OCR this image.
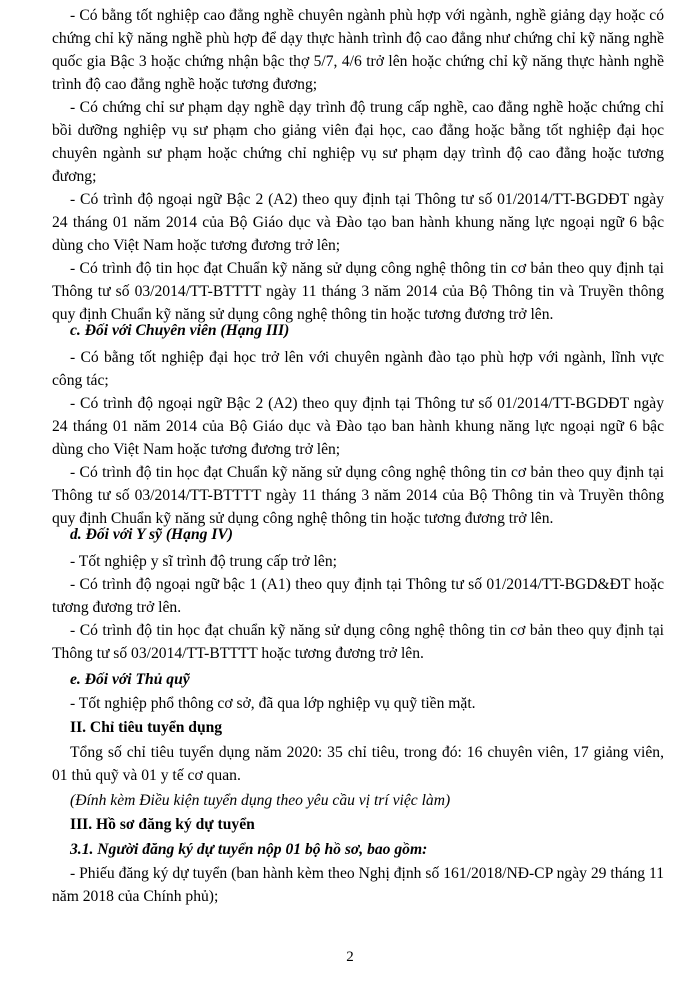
- Có bằng tốt nghiệp cao đẳng nghề chuyên ngành phù hợp với ngành, nghề giảng dạy hoặc có chứng chỉ kỹ năng nghề phù hợp để dạy thực hành trình độ cao đẳng như chứng chỉ kỹ năng nghề quốc gia Bậc 3 hoặc chứng nhận bậc thợ 5/7, 4/6 trở lên hoặc chứng chỉ kỹ năng thực hành nghề trình độ cao đẳng nghề hoặc tương đương;

- Có chứng chỉ sư phạm dạy nghề dạy trình độ trung cấp nghề, cao đẳng nghề hoặc chứng chỉ bồi dưỡng nghiệp vụ sư phạm cho giảng viên đại học, cao đẳng hoặc bằng tốt nghiệp đại học chuyên ngành sư phạm hoặc chứng chỉ nghiệp vụ sư phạm dạy trình độ cao đẳng hoặc tương đương;

- Có trình độ ngoại ngữ Bậc 2 (A2) theo quy định tại Thông tư số 01/2014/TT-BGDĐT ngày 24 tháng 01 năm 2014 của Bộ Giáo dục và Đào tạo ban hành khung năng lực ngoại ngữ 6 bậc dùng cho Việt Nam hoặc tương đương trở lên;

- Có trình độ tin học đạt Chuẩn kỹ năng sử dụng công nghệ thông tin cơ bản theo quy định tại Thông tư số 03/2014/TT-BTTTT ngày 11 tháng 3 năm 2014 của Bộ Thông tin và Truyền thông quy định Chuẩn kỹ năng sử dụng công nghệ thông tin hoặc tương đương trở lên.

c. Đối với Chuyên viên (Hạng III)

- Có bằng tốt nghiệp đại học trở lên với chuyên ngành đào tạo phù hợp với ngành, lĩnh vực công tác;

- Có trình độ ngoại ngữ Bậc 2 (A2) theo quy định tại Thông tư số 01/2014/TT-BGDĐT ngày 24 tháng 01 năm 2014 của Bộ Giáo dục và Đào tạo ban hành khung năng lực ngoại ngữ 6 bậc dùng cho Việt Nam hoặc tương đương trở lên;

- Có trình độ tin học đạt Chuẩn kỹ năng sử dụng công nghệ thông tin cơ bản theo quy định tại Thông tư số 03/2014/TT-BTTTT ngày 11 tháng 3 năm 2014 của Bộ Thông tin và Truyền thông quy định Chuẩn kỹ năng sử dụng công nghệ thông tin hoặc tương đương trở lên.

d. Đối với Y sỹ (Hạng IV)

- Tốt nghiệp y sĩ trình độ trung cấp trở lên;

- Có trình độ ngoại ngữ bậc 1 (A1) theo quy định tại Thông tư số 01/2014/TT-BGD&ĐT hoặc tương đương trở lên.

- Có trình độ tin học đạt chuẩn kỹ năng sử dụng công nghệ thông tin cơ bản theo quy định tại Thông tư số 03/2014/TT-BTTTT hoặc tương đương trở lên.

e. Đối với Thủ quỹ

- Tốt nghiệp phổ thông cơ sở, đã qua lớp nghiệp vụ quỹ tiền mặt.

II. Chỉ tiêu tuyển dụng

Tổng số chỉ tiêu tuyển dụng năm 2020: 35 chỉ tiêu, trong đó: 16 chuyên viên, 17 giảng viên, 01 thủ quỹ và 01 y tế cơ quan.

(Đính kèm Điều kiện tuyển dụng theo yêu cầu vị trí việc làm)

III. Hồ sơ đăng ký dự tuyển

3.1. Người đăng ký dự tuyển nộp 01 bộ hồ sơ, bao gồm:

- Phiếu đăng ký dự tuyển (ban hành kèm theo Nghị định số 161/2018/NĐ-CP ngày 29 tháng 11 năm 2018 của Chính phủ);

2
